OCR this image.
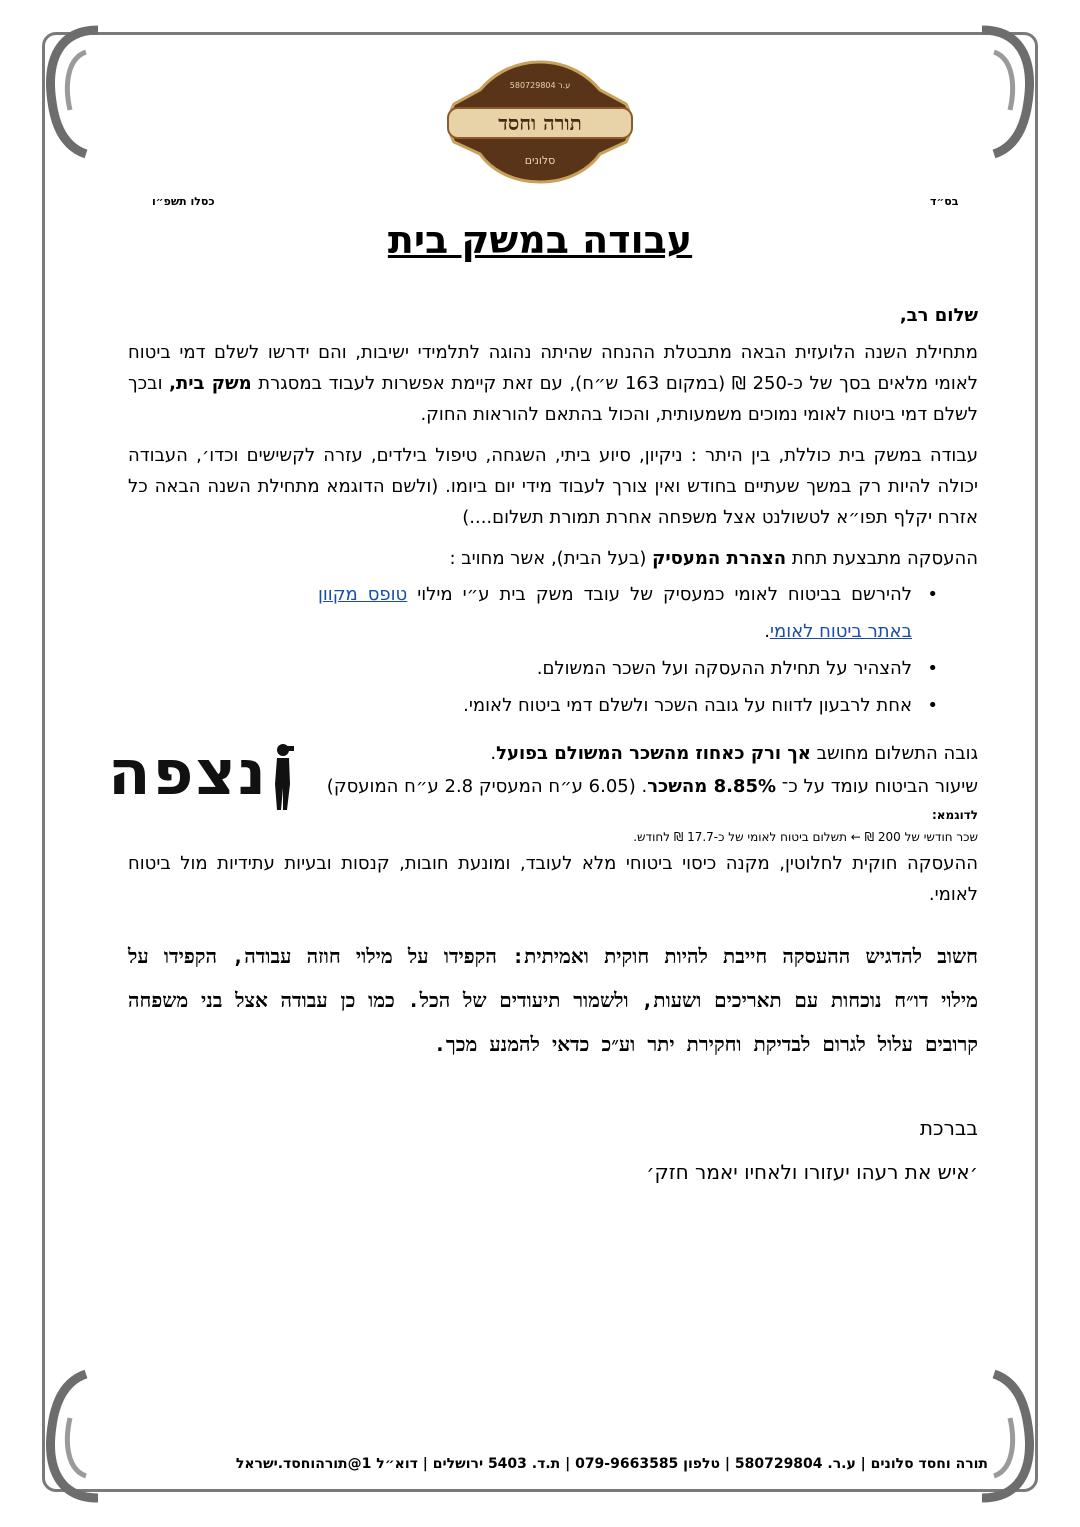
תורה וחסד
ע.ר 580729804
סלונים
בס״ד
כסלו תשפ״ו
עבודה במשק בית
שלום רב,
מתחילת השנה הלועזית הבאה מתבטלת ההנחה שהיתה נהוגה לתלמידי ישיבות, והם ידרשו לשלם דמי ביטוח לאומי מלאים בסך של כ-250 ₪ (במקום 163 ש״ח), עם זאת קיימת אפשרות לעבוד במסגרת משק בית, ובכך לשלם דמי ביטוח לאומי נמוכים משמעותית, והכול בהתאם להוראות החוק.
עבודה במשק בית כוללת, בין היתר : ניקיון, סיוע ביתי, השגחה, טיפול בילדים, עזרה לקשישים וכדו׳, העבודה יכולה להיות רק במשך שעתיים בחודש ואין צורך לעבוד מידי יום ביומו. (ולשם הדוגמא מתחילת השנה הבאה כל אזרח יקלף תפו״א לטשולנט אצל משפחה אחרת תמורת תשלום....)
ההעסקה מתבצעת תחת הצהרת המעסיק (בעל הבית), אשר מחויב :
• להירשם בביטוח לאומי כמעסיק של עובד משק בית ע״י מילוי טופס מקוון באתר ביטוח לאומי.
• להצהיר על תחילת ההעסקה ועל השכר המשולם.
• אחת לרבעון לדווח על גובה השכר ולשלם דמי ביטוח לאומי.
גובה התשלום מחושב אך ורק כאחוז מהשכר המשולם בפועל.
שיעור הביטוח עומד על כ־ 8.85% מהשכר. (6.05 ע״ח המעסיק 2.8 ע״ח המועסק)

לדוגמא:

שכר חודשי של 200 ₪ ← תשלום ביטוח לאומי של כ-17.7 ₪ לחודש.

ההעסקה חוקית לחלוטין, מקנה כיסוי ביטוחי מלא לעובד, ומונעת חובות, קנסות ובעיות עתידיות מול ביטוח לאומי.
חשוב להדגיש ההעסקה חייבת להיות חוקית ואמיתית: הקפידו על מילוי חוזה עבודה, הקפידו על מילוי דו״ח נוכחות עם תאריכים ושעות, ולשמור תיעודים של הכל. כמו כן עבודה אצל בני משפחה קרובים עלול לגרום לבדיקת וחקירת יתר וע״כ כדאי להמנע מכך.
בברכת
׳איש את רעהו יעזורו ולאחיו יאמר חזק׳
נצפה
תורה וחסד סלונים | ע.ר. 580729804 | טלפון 079-9663585 | ת.ד. 5403 ירושלים | דוא״ל 1@תורהוחסד.ישראל
